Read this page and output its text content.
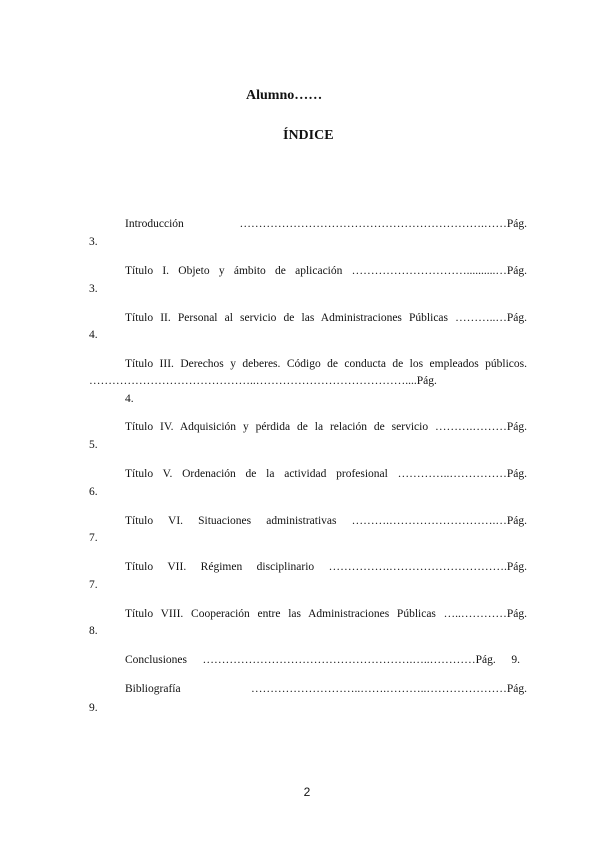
Alumno……
ÍNDICE
Introducción     ……………………………………………………….……Pág.
3.
Título I. Objeto y ámbito de aplicación …………………………..........…Pág.
3.
Título II. Personal al servicio de las Administraciones Públicas ………..…Pág.
4.
Título III. Derechos y deberes. Código de conducta de los empleados públicos.
……………………………………..…………………………………....Pág.
4.
Título IV. Adquisición y pérdida de la relación de servicio ……….………Pág.
5.
Título V. Ordenación de la actividad profesional …………..……………Pág.
6.
Título VI. Situaciones administrativas ……….……………………….…Pág.
7.
Título VII. Régimen disciplinario …………….………………………….Pág.
7.
Título VIII. Cooperación entre las Administraciones Públicas …..…………Pág.
8.
Conclusiones ……………………………………………….…..…………Pág. 9.
Bibliografía     ………………………..…….………..…………………Pág.
9.
2
